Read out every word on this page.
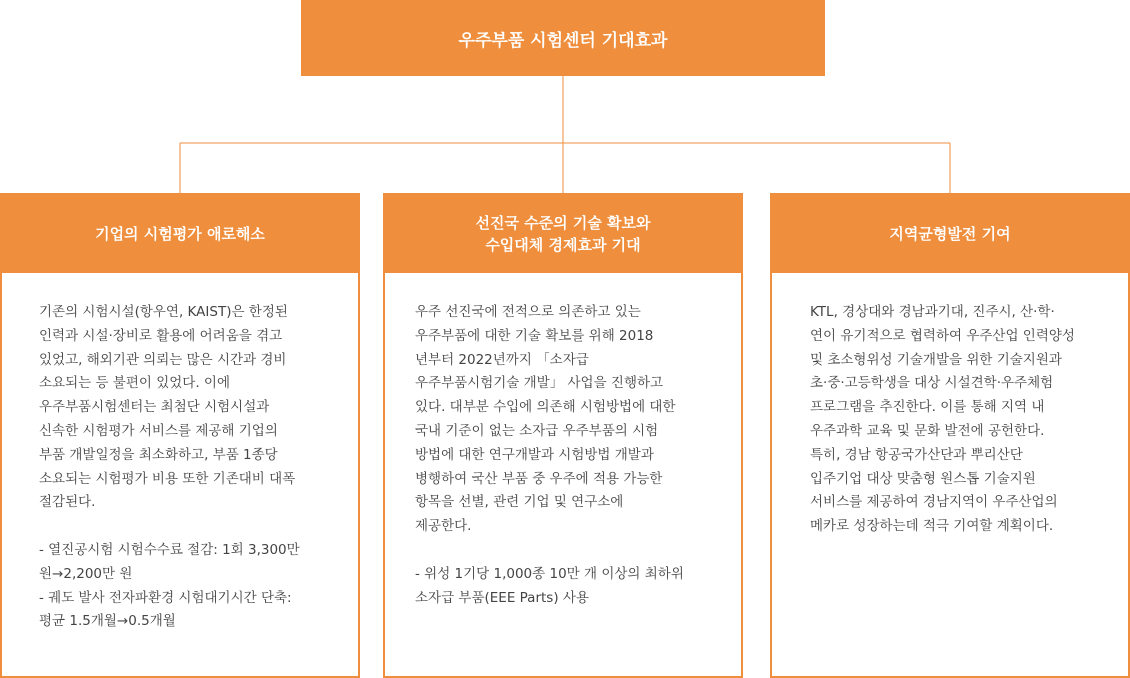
우주부품 시험센터 기대효과
기업의 시험평가 애로해소

기존의 시험시설(항우연, KAIST)은 한정된
인력과 시설·장비로 활용에 어려움을 겪고
있었고, 해외기관 의뢰는 많은 시간과 경비
소요되는 등 불편이 있었다. 이에
우주부품시험센터는 최첨단 시험시설과
신속한 시험평가 서비스를 제공해 기업의
부품 개발일정을 최소화하고, 부품 1종당
소요되는 시험평가 비용 또한 기존대비 대폭
절감된다.

- 열진공시험 시험수수료 절감: 1회 3,300만
원→2,200만 원

- 궤도 발사 전자파환경 시험대기시간 단축:
평균 1.5개월→0.5개월

선진국 수준의 기술 확보와
수입대체 경제효과 기대

우주 선진국에 전적으로 의존하고 있는
우주부품에 대한 기술 확보를 위해 2018
년부터 2022년까지 「소자급
우주부품시험기술 개발」 사업을 진행하고
있다. 대부분 수입에 의존해 시험방법에 대한
국내 기준이 없는 소자급 우주부품의 시험
방법에 대한 연구개발과 시험방법 개발과
병행하여 국산 부품 중 우주에 적용 가능한
항목을 선별, 관련 기업 및 연구소에
제공한다.

- 위성 1기당 1,000종 10만 개 이상의 최하위
소자급 부품(EEE Parts) 사용

지역균형발전 기여

KTL, 경상대와 경남과기대, 진주시, 산·학·
연이 유기적으로 협력하여 우주산업 인력양성
및 초소형위성 기술개발을 위한 기술지원과
초·중·고등학생을 대상 시설견학·우주체험
프로그램을 추진한다. 이를 통해 지역 내
우주과학 교육 및 문화 발전에 공헌한다.
특히, 경남 항공국가산단과 뿌리산단
입주기업 대상 맞춤형 원스톱 기술지원
서비스를 제공하여 경남지역이 우주산업의
메카로 성장하는데 적극 기여할 계획이다.
